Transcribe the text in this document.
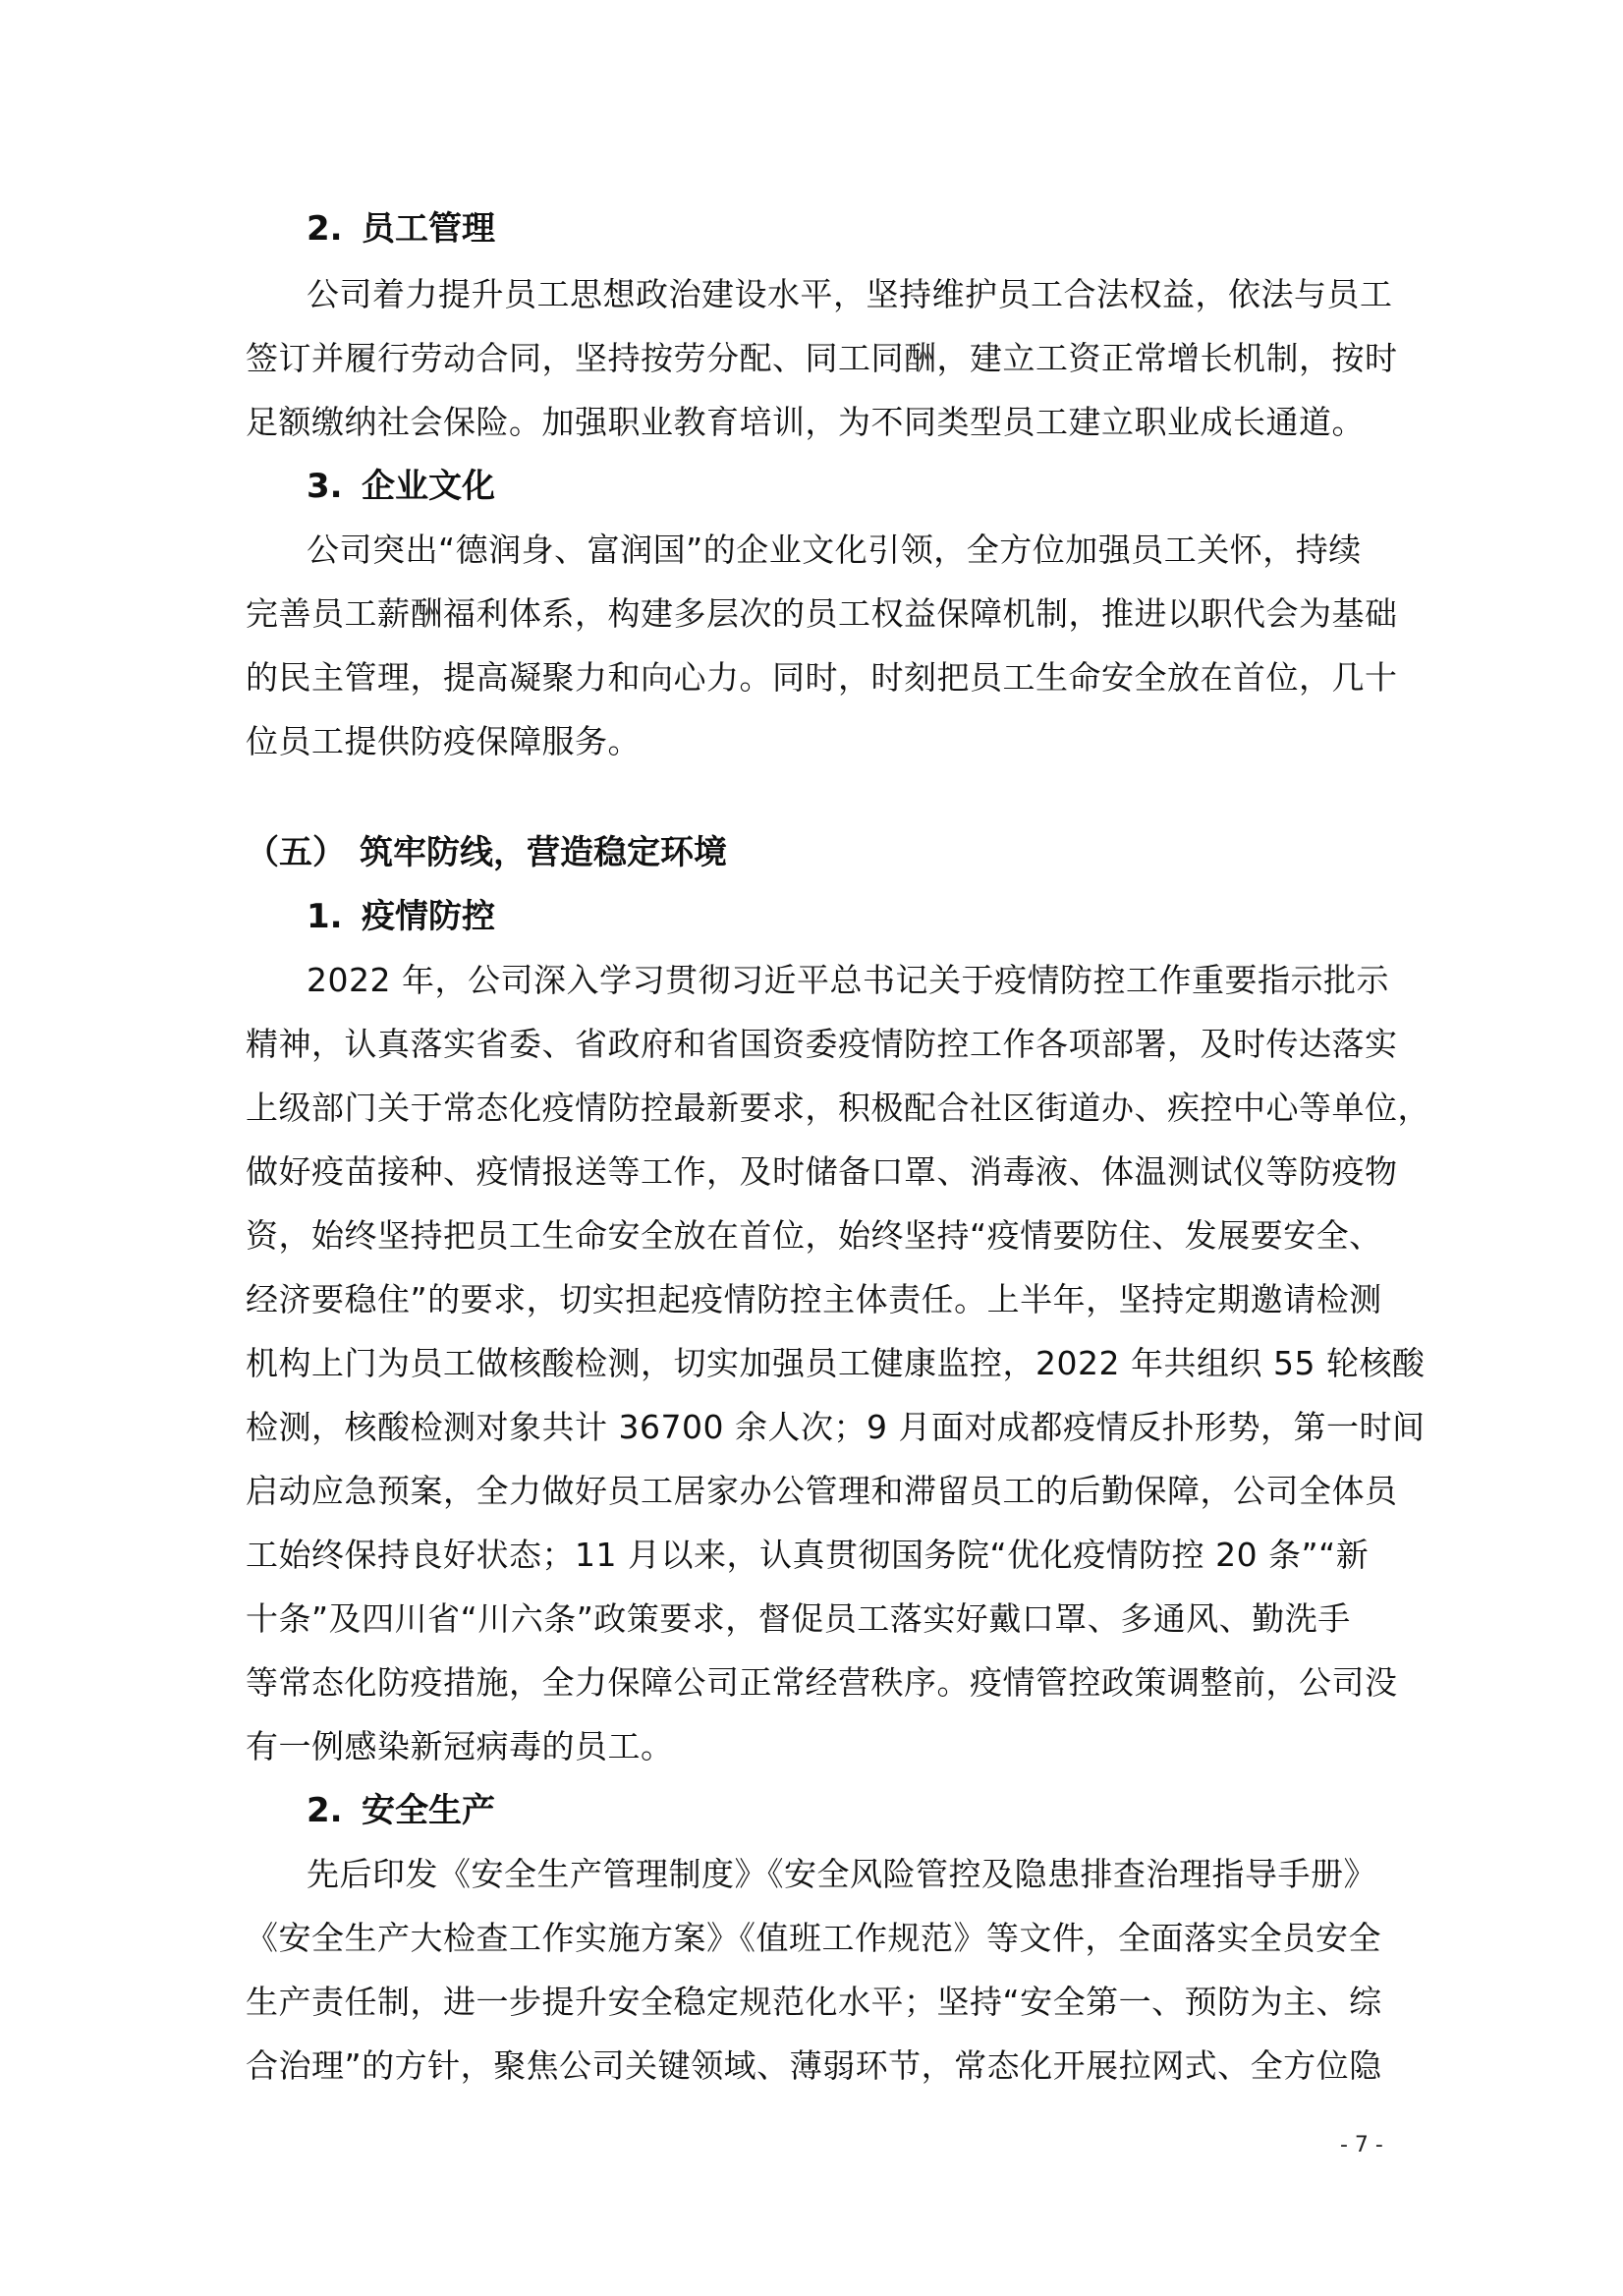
2. 员工管理
公司着力提升员工思想政治建设水平，坚持维护员工合法权益，依法与员工
签订并履行劳动合同，坚持按劳分配、同工同酬，建立工资正常增长机制，按时
足额缴纳社会保险。加强职业教育培训，为不同类型员工建立职业成长通道。
3. 企业文化
公司突出“德润身、富润国”的企业文化引领，全方位加强员工关怀，持续
完善员工薪酬福利体系，构建多层次的员工权益保障机制，推进以职代会为基础
的民主管理，提高凝聚力和向心力。同时，时刻把员工生命安全放在首位，几十
位员工提供防疫保障服务。
（五） 筑牢防线，营造稳定环境
1. 疫情防控
2022 年，公司深入学习贯彻习近平总书记关于疫情防控工作重要指示批示
精神，认真落实省委、省政府和省国资委疫情防控工作各项部署，及时传达落实
上级部门关于常态化疫情防控最新要求，积极配合社区街道办、疾控中心等单位，
做好疫苗接种、疫情报送等工作，及时储备口罩、消毒液、体温测试仪等防疫物
资，始终坚持把员工生命安全放在首位，始终坚持“疫情要防住、发展要安全、
经济要稳住”的要求，切实担起疫情防控主体责任。上半年，坚持定期邀请检测
机构上门为员工做核酸检测，切实加强员工健康监控，2022 年共组织 55 轮核酸
检测，核酸检测对象共计 36700 余人次；9 月面对成都疫情反扑形势，第一时间
启动应急预案，全力做好员工居家办公管理和滞留员工的后勤保障，公司全体员
工始终保持良好状态；11 月以来，认真贯彻国务院“优化疫情防控 20 条”“新
十条”及四川省“川六条”政策要求，督促员工落实好戴口罩、多通风、勤洗手
等常态化防疫措施，全力保障公司正常经营秩序。疫情管控政策调整前，公司没
有一例感染新冠病毒的员工。
2. 安全生产
先后印发《安全生产管理制度》《安全风险管控及隐患排查治理指导手册》
《安全生产大检查工作实施方案》《值班工作规范》等文件，全面落实全员安全
生产责任制，进一步提升安全稳定规范化水平；坚持“安全第一、预防为主、综
合治理”的方针，聚焦公司关键领域、薄弱环节，常态化开展拉网式、全方位隐
- 7 -
